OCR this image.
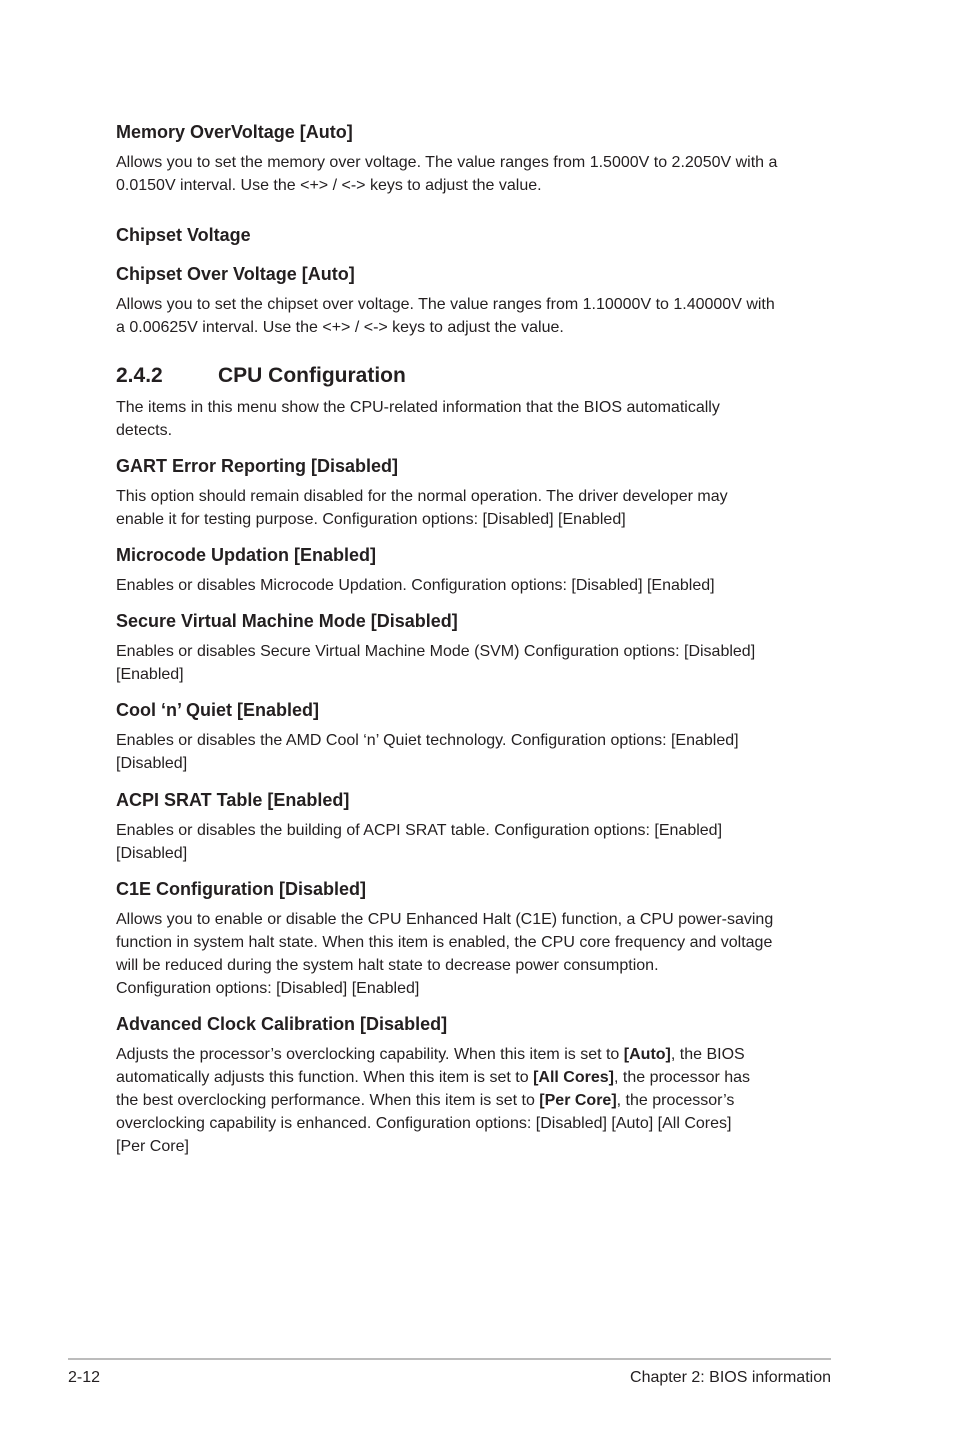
Memory OverVoltage [Auto]

Allows you to set the memory over voltage. The value ranges from 1.5000V to 2.2050V with a

0.0150V interval. Use the <+> / <-> keys to adjust the value.

Chipset Voltage

Chipset Over Voltage [Auto]

Allows you to set the chipset over voltage. The value ranges from 1.10000V to 1.40000V with

a 0.00625V interval. Use the <+> / <-> keys to adjust the value.

2.4.2	CPU Configuration

The items in this menu show the CPU-related information that the BIOS automatically

detects.

GART Error Reporting [Disabled]

This option should remain disabled for the normal operation. The driver developer may

enable it for testing purpose. Configuration options: [Disabled] [Enabled]

Microcode Updation [Enabled]

Enables or disables Microcode Updation. Configuration options: [Disabled] [Enabled]

Secure Virtual Machine Mode [Disabled]

Enables or disables Secure Virtual Machine Mode (SVM) Configuration options: [Disabled]

[Enabled]

Cool ‘n’ Quiet [Enabled]

Enables or disables the AMD Cool ‘n’ Quiet technology. Configuration options: [Enabled]

[Disabled]

ACPI SRAT Table [Enabled]

Enables or disables the building of ACPI SRAT table. Configuration options: [Enabled]

[Disabled]

C1E Configuration [Disabled]

Allows you to enable or disable the CPU Enhanced Halt (C1E) function, a CPU power-saving

function in system halt state. When this item is enabled, the CPU core frequency and voltage

will be reduced during the system halt state to decrease power consumption.

Configuration options: [Disabled] [Enabled]

Advanced Clock Calibration [Disabled]

Adjusts the processor’s overclocking capability. When this item is set to [Auto], the BIOS

automatically adjusts this function. When this item is set to [All Cores], the processor has

the best overclocking performance. When this item is set to [Per Core], the processor’s

overclocking capability is enhanced. Configuration options: [Disabled] [Auto] [All Cores]

[Per Core]

2-12	Chapter 2: BIOS information
